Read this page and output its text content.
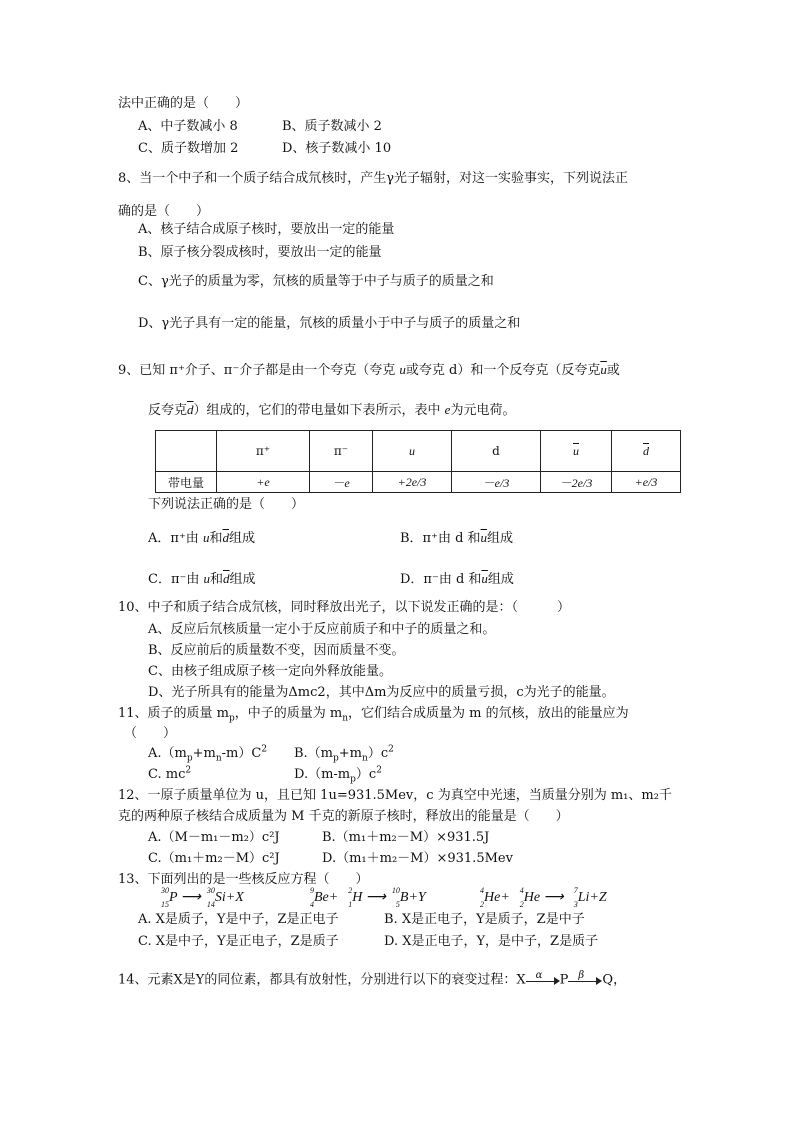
法中正确的是（　　）
A、中子数减小 8	B、质子数减小 2
C、质子数增加 2	D、核子数减小 10
8、当一个中子和一个质子结合成氘核时，产生γ光子辐射，对这一实验事实，下列说法正
确的是（　　）
A、核子结合成原子核时，要放出一定的能量
B、原子核分裂成核时，要放出一定的能量
C、γ光子的质量为零，氘核的质量等于中子与质子的质量之和
D、γ光子具有一定的能量，氘核的质量小于中子与质子的质量之和
9、已知 π⁺介子、π⁻介子都是由一个夸克（夸克 u或夸克 d）和一个反夸克（反夸克$\overline{u}$或
反夸克$\overline{d}$）组成的，它们的带电量如下表所示，表中 e为元电荷。
	π⁺	π⁻	u	d	$\overline{u}$	$\overline{d}$
带电量	+e	－e	+2e/3	－e/3	－2e/3	+e/3
下列说法正确的是（　　）
A．π⁺由 u和$\overline{d}$组成	B．π⁺由 d 和$\overline{u}$组成
C．π⁻由 u和$\overline{d}$组成	D．π⁻由 d 和$\overline{u}$组成
10、中子和质子结合成氘核，同时释放出光子，以下说发正确的是：（　　　）
A、反应后氘核质量一定小于反应前质子和中子的质量之和。
B、反应前后的质量数不变，因而质量不变。
C、由核子组成原子核一定向外释放能量。
D、光子所具有的能量为Δmc2，其中Δm为反应中的质量亏损，c为光子的能量。
11、质子的质量 $m_p$，中子的质量为 $m_n$，它们结合成质量为 m 的氘核，放出的能量应为
（　　）
$A.(m_p+m_n-m)C^2$ $B.(m_p+m_n)c^2$
C. $mc^2$	$D.(m-m_p)c^2$
12、一原子质量单位为 u，且已知 1u=931.5Mev，c 为真空中光速，当质量分别为 m₁、m₂千
克的两种原子核结合成质量为 M 千克的新原子核时，释放出的能量是（　　）
A.（M－m₁－m₂）c²J	B.（m₁＋m₂－M）×931.5J
C.（m₁＋m₂－M）c²J	D.（m₁＋m₂－M）×931.5Mev
13、下面列出的是一些核反应方程（　　）
30
15 P ⟶ 30
14 Si+X	9
4 Be+ 2
1 H ⟶ 10
5 B+Y	4
2 He+ 4
2 He ⟶ 7
3 Li+Z
A. X是质子，Y是中子，Z是正电子	B. X是正电子，Y是质子，Z是中子
C. X是中子，Y是正电子，Z是质子	D. X是正电子，Y，是中子，Z是质子
14、元素X是Y的同位素，都具有放射性，分别进行以下的衰变过程：X α P β Q，
